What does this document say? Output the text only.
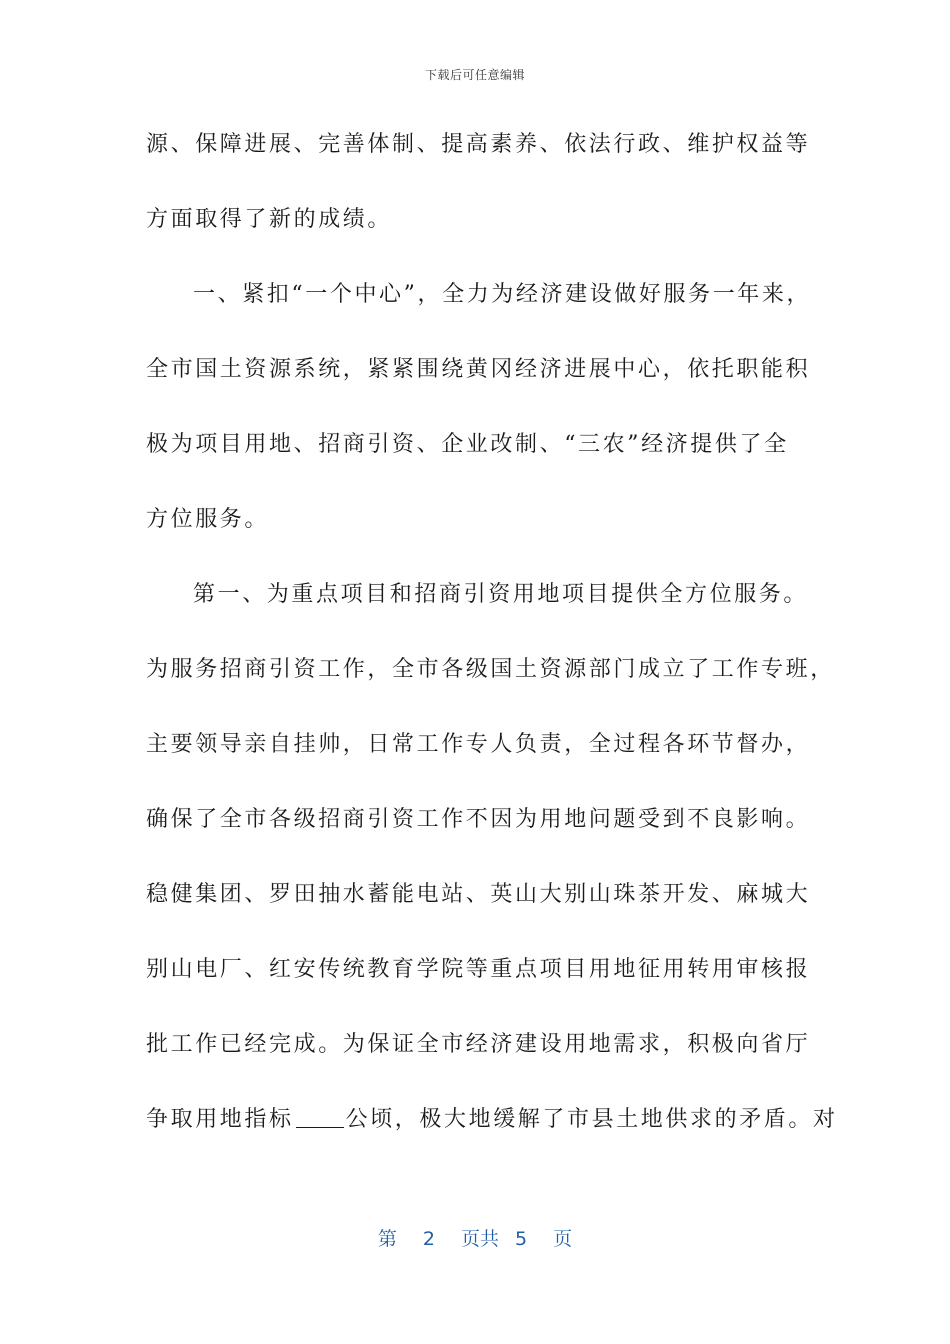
下载后可任意编辑
源、保障进展、完善体制、提高素养、依法行政、维护权益等
方面取得了新的成绩。
一、紧扣“一个中心”，全力为经济建设做好服务一年来，
全市国土资源系统，紧紧围绕黄冈经济进展中心，依托职能积
极为项目用地、招商引资、企业改制、“三农”经济提供了全
方位服务。
第一、为重点项目和招商引资用地项目提供全方位服务。
为服务招商引资工作，全市各级国土资源部门成立了工作专班，
主要领导亲自挂帅，日常工作专人负责，全过程各环节督办，
确保了全市各级招商引资工作不因为用地问题受到不良影响。
稳健集团、罗田抽水蓄能电站、英山大别山珠茶开发、麻城大
别山电厂、红安传统教育学院等重点项目用地征用转用审核报
批工作已经完成。为保证全市经济建设用地需求，积极向省厅
争取用地指标 公顷，极大地缓解了市县土地供求的矛盾。对
第 2 页共 5 页
